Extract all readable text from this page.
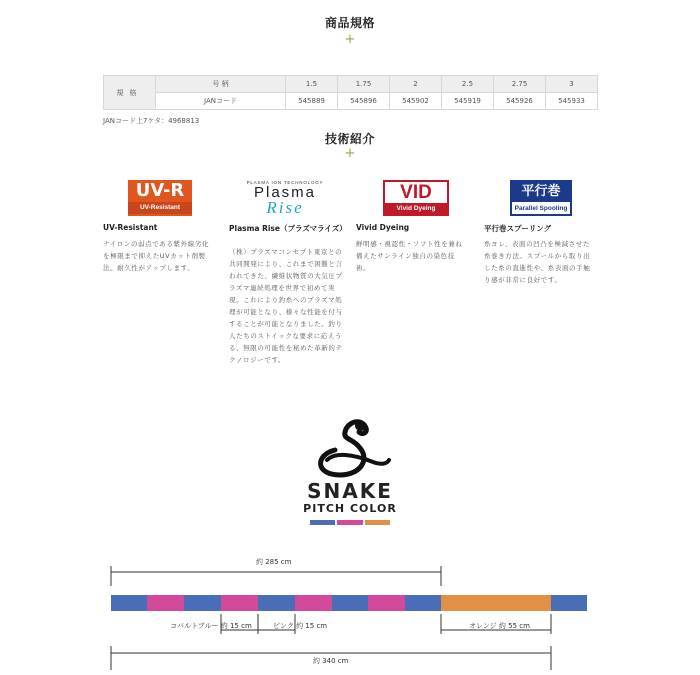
商品規格
+
規格	号 柄	1.5	1.75	2	2.5	2.75	3
	JANコード	545889	545896	545902	545919	545926	545933
JANコード上7ケタ：4968813
技術紹介
+
UV-R
UV-Resistant
UV-Resistant
ナイロンの弱点である紫外線劣化を極限まで抑えたUVカット剤製法。耐久性がアップします。
PLASMA ION TECHNOLOGY
Plasma
Rise
Plasma Rise（プラズマライズ）
（株）プラズマコンセプト東京との共同開発により、これまで困難と言われてきた、繊維状物質の大気圧プラズマ連続処理を世界で初めて実現。これにより釣糸へのプラズマ処理が可能となり、様々な性能を付与することが可能となりました。釣り人たちのストイックな要求に応えうる、無限の可能性を秘めた革新的テクノロジーです。
VID
Vivid Dyeing
Vivid Dyeing
鮮明感・視認性・ソフト性を兼ね備えたサンライン独自の染色技術。
平行巻
Parallel Spooling
平行巻スプーリング
糸ヨレ、表面の凹凸を極減させた糸巻き方法。スプールから取り出した糸の直進性や、糸表面の手触り感が非常に良好です。
SNAKE
PITCH COLOR
約 285 cm
コバルトブルー 約 15 cm	ピンク 約 15 cm	オレンジ 約 55 cm
約 340 cm
